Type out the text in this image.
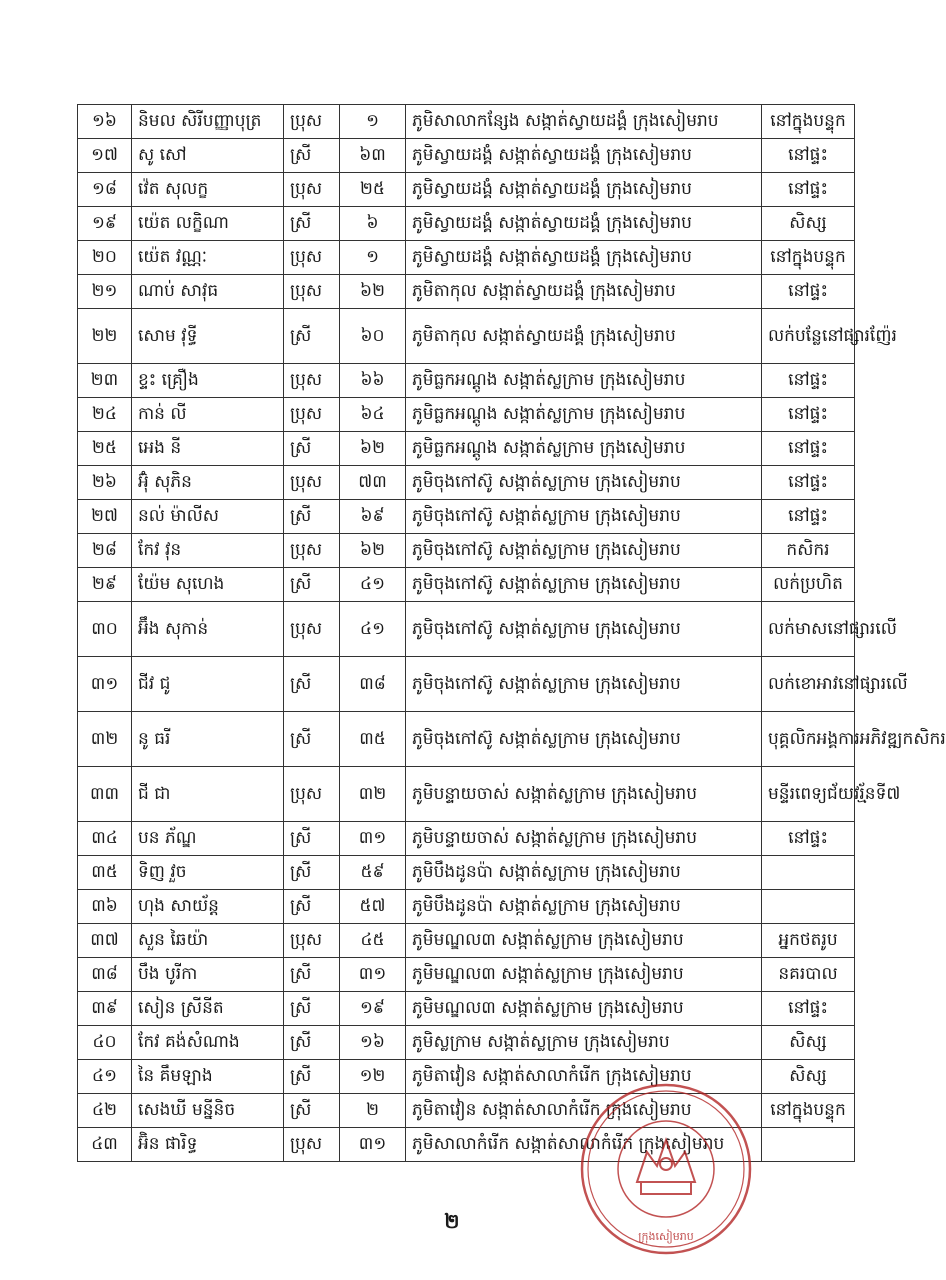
១៦	និមល សិរីបញ្ញាបុត្រ	ប្រុស	១	ភូមិសាលាកន្សែង សង្កាត់ស្វាយដង្គំ ក្រុងសៀមរាប	នៅក្នុងបន្ទុក
១៧	សូ សៅ	ស្រី	៦៣	ភូមិស្វាយដង្គំ សង្កាត់ស្វាយដង្គំ ក្រុងសៀមរាប	នៅផ្ទះ
១៨	វ៉េត សុលក្ខ	ប្រុស	២៥	ភូមិស្វាយដង្គំ សង្កាត់ស្វាយដង្គំ ក្រុងសៀមរាប	នៅផ្ទះ
១៩	យ៉េត លក្ខិណា	ស្រី	៦	ភូមិស្វាយដង្គំ សង្កាត់ស្វាយដង្គំ ក្រុងសៀមរាប	សិស្ស
២០	យ៉េត វណ្ណៈ	ប្រុស	១	ភូមិស្វាយដង្គំ សង្កាត់ស្វាយដង្គំ ក្រុងសៀមរាប	នៅក្នុងបន្ទុក
២១	ណាប់ សាវុធ	ប្រុស	៦២	ភូមិតាកុល សង្កាត់ស្វាយដង្គំ ក្រុងសៀមរាប	នៅផ្ទះ
២២	សោម វុទ្ធី	ស្រី	៦០	ភូមិតាកុល សង្កាត់ស្វាយដង្គំ ក្រុងសៀមរាប	លក់បន្លែនៅផ្សារញ៉ែរ
២៣	ខ្ទះ គ្រឿង	ប្រុស	៦៦	ភូមិធ្លកអណ្តូង សង្កាត់ស្លក្រាម ក្រុងសៀមរាប	នៅផ្ទះ
២៤	កាន់ លី	ប្រុស	៦៤	ភូមិធ្លកអណ្តូង សង្កាត់ស្លក្រាម ក្រុងសៀមរាប	នៅផ្ទះ
២៥	អេង នី	ស្រី	៦២	ភូមិធ្លកអណ្តូង សង្កាត់ស្លក្រាម ក្រុងសៀមរាប	នៅផ្ទះ
២៦	អ៊ុំ សុភិន	ប្រុស	៧៣	ភូមិចុងកៅស៊ូ សង្កាត់ស្លក្រាម ក្រុងសៀមរាប	នៅផ្ទះ
២៧	នល់ ម៉ាលីស	ស្រី	៦៩	ភូមិចុងកៅស៊ូ សង្កាត់ស្លក្រាម ក្រុងសៀមរាប	នៅផ្ទះ
២៨	កែវ វុន	ប្រុស	៦២	ភូមិចុងកៅស៊ូ សង្កាត់ស្លក្រាម ក្រុងសៀមរាប	កសិករ
២៩	យ៉ែម សុហេង	ស្រី	៤១	ភូមិចុងកៅស៊ូ សង្កាត់ស្លក្រាម ក្រុងសៀមរាប	លក់ប្រហិត
៣០	អ៊ឹង សុកាន់	ប្រុស	៤១	ភូមិចុងកៅស៊ូ សង្កាត់ស្លក្រាម ក្រុងសៀមរាប	លក់មាសនៅផ្សារលើ
៣១	ជីវ ជូ	ស្រី	៣៨	ភូមិចុងកៅស៊ូ សង្កាត់ស្លក្រាម ក្រុងសៀមរាប	លក់ខោអាវនៅផ្សារលើ
៣២	នូ ធរី	ស្រី	៣៥	ភូមិចុងកៅស៊ូ សង្កាត់ស្លក្រាម ក្រុងសៀមរាប	បុគ្គលិកអង្គការអភិវឌ្ឍកសិករ
៣៣	ជី ជា	ប្រុស	៣២	ភូមិបន្ទាយចាស់ សង្កាត់ស្លក្រាម ក្រុងសៀមរាប	មន្ទីរពេទ្យជ័យវរ្ម័នទី៧
៣៤	បន ភ័ណ្ឌ	ស្រី	៣១	ភូមិបន្ទាយចាស់ សង្កាត់ស្លក្រាម ក្រុងសៀមរាប	នៅផ្ទះ
៣៥	ទិញ វួច	ស្រី	៥៩	ភូមិបឹងដូនប៉ា សង្កាត់ស្លក្រាម ក្រុងសៀមរាប	
៣៦	ហុង សាយ័ន្ត	ស្រី	៥៧	ភូមិបឹងដូនប៉ា សង្កាត់ស្លក្រាម ក្រុងសៀមរាប	
៣៧	សួន ឆៃយ៉ា	ប្រុស	៤៥	ភូមិមណ្ឌល៣ សង្កាត់ស្លក្រាម ក្រុងសៀមរាប	អ្នកថតរូប
៣៨	បឹង បូរីកា	ស្រី	៣១	ភូមិមណ្ឌល៣ សង្កាត់ស្លក្រាម ក្រុងសៀមរាប	នគរបាល
៣៩	សៀន ស្រីនីត	ស្រី	១៩	ភូមិមណ្ឌល៣ សង្កាត់ស្លក្រាម ក្រុងសៀមរាប	នៅផ្ទះ
៤០	កែវ គង់សំណាង	ស្រី	១៦	ភូមិស្លក្រាម សង្កាត់ស្លក្រាម ក្រុងសៀមរាប	សិស្ស
៤១	នៃ គឹមឡាង	ស្រី	១២	ភូមិតាវៀន សង្កាត់សាលាកំរើក ក្រុងសៀមរាប	សិស្ស
៤២	សេងឃី មន្នីនិច	ស្រី	២	ភូមិតាវៀន សង្កាត់សាលាកំរើក ក្រុងសៀមរាប	នៅក្នុងបន្ទុក
៤៣	អ៊ិន ផារិទ្ធ	ប្រុស	៣១	ភូមិសាលាកំរើក សង្កាត់សាលាកំរើក ក្រុងសៀមរាប	
២
ក្រុងសៀមរាប
